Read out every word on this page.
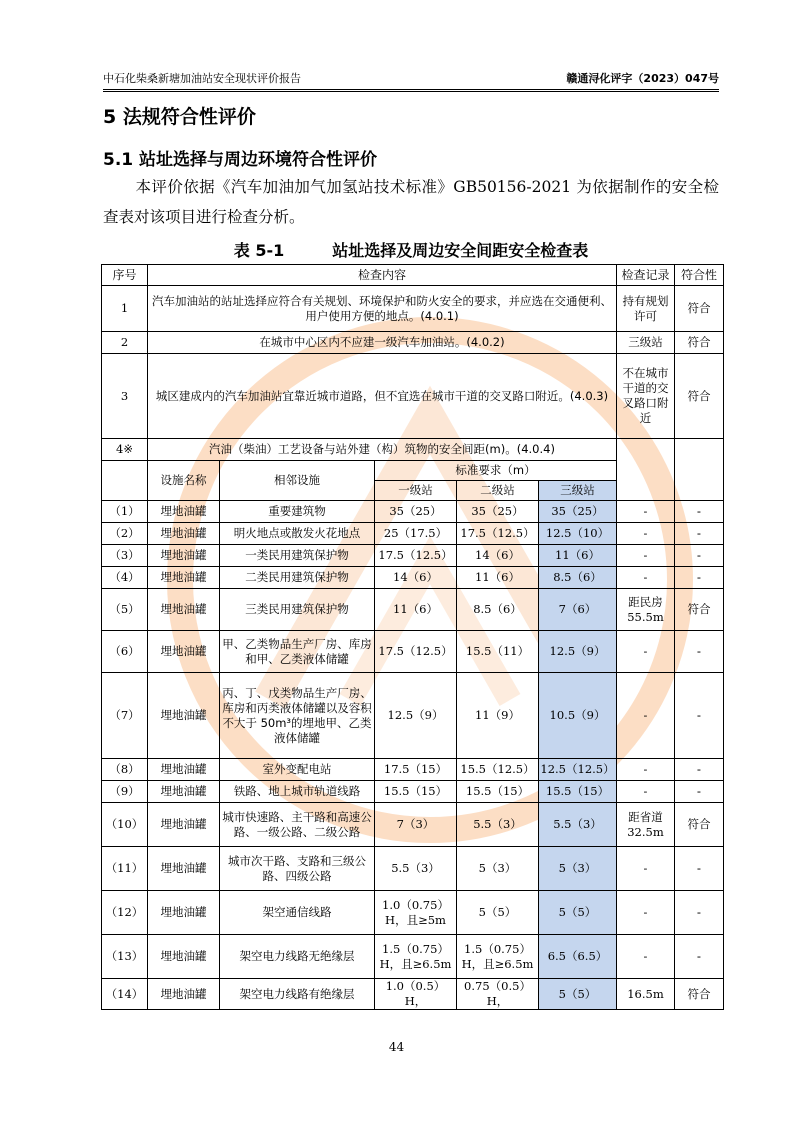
中石化柴桑新塘加油站安全现状评价报告	赣通浔化评字（2023）047号
5 法规符合性评价
5.1 站址选择与周边环境符合性评价
本评价依据《汽车加油加气加氢站技术标准》GB50156-2021 为依据制作的安全检查表对该项目进行检查分析。
表 5-1	站址选择及周边安全间距安全检查表
序号	检查内容					检查记录	符合性
1	汽车加油站的站址选择应符合有关规划、环境保护和防火安全的要求，并应选在交通便利、用户使用方便的地点。(4.0.1)					持有规划许可	符合
2	在城市中心区内不应建一级汽车加油站。(4.0.2)					三级站	符合
3	城区建成内的汽车加油站宜靠近城市道路，但不宜选在城市干道的交叉路口附近。(4.0.3)					不在城市干道的交叉路口附近	符合
4※	汽油（柴油）工艺设备与站外建（构）筑物的安全间距(m)。(4.0.4)						
	设施名称	相邻设施	标准要求（m）				
			一级站	二级站	三级站		
（1）	埋地油罐	重要建筑物	35（25）	35（25）	35（25）	-	-
（2）	埋地油罐	明火地点或散发火花地点	25（17.5）	17.5（12.5）	12.5（10）	-	-
（3）	埋地油罐	一类民用建筑保护物	17.5（12.5）	14（6）	11（6）	-	-
（4）	埋地油罐	二类民用建筑保护物	14（6）	11（6）	8.5（6）	-	-
（5）	埋地油罐	三类民用建筑保护物	11（6）	8.5（6）	7（6）	距民房55.5m	符合
（6）	埋地油罐	甲、乙类物品生产厂房、库房和甲、乙类液体储罐	17.5（12.5）	15.5（11）	12.5（9）	-	-
（7）	埋地油罐	丙、丁、戊类物品生产厂房、库房和丙类液体储罐以及容积不大于 50m³的埋地甲、乙类液体储罐	12.5（9）	11（9）	10.5（9）	-	-
（8）	埋地油罐	室外变配电站	17.5（15）	15.5（12.5）	12.5（12.5）	-	-
（9）	埋地油罐	铁路、地上城市轨道线路	15.5（15）	15.5（15）	15.5（15）	-	-
（10）	埋地油罐	城市快速路、主干路和高速公路、一级公路、二级公路	7（3）	5.5（3）	5.5（3）	距省道32.5m	符合
（11）	埋地油罐	城市次干路、支路和三级公路、四级公路	5.5（3）	5（3）	5（3）	-	-
（12）	埋地油罐	架空通信线路	1.0（0.75）H，且≥5m	5（5）	5（5）	-	-
（13）	埋地油罐	架空电力线路无绝缘层	1.5（0.75）H，且≥6.5m	1.5（0.75）H，且≥6.5m	6.5（6.5）	-	-
（14）	埋地油罐	架空电力线路有绝缘层	1.0（0.5）H，	0.75（0.5）H，	5（5）	16.5m	符合
44
